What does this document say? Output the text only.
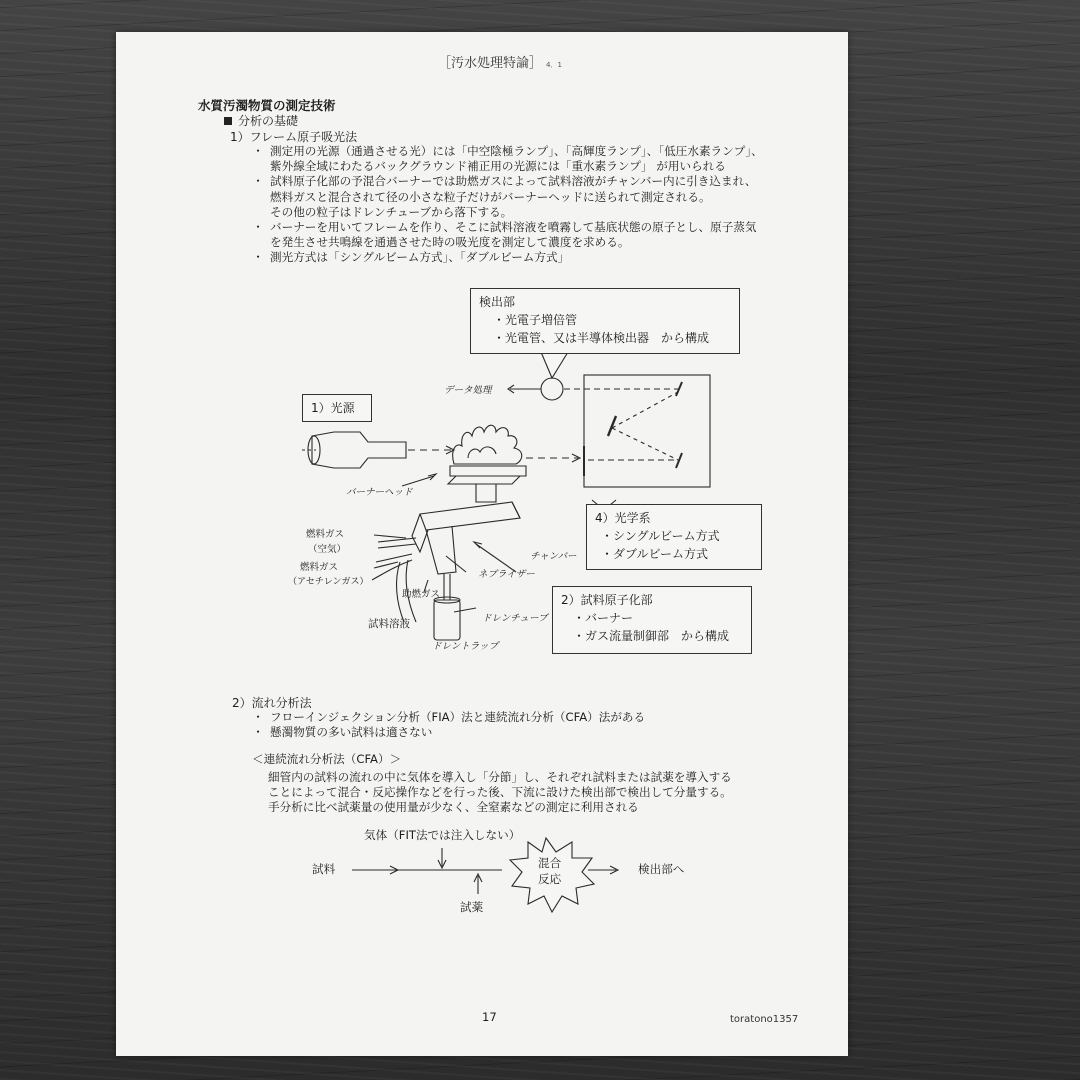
［汚水処理特論］ 4．1
水質汚濁物質の測定技術
分析の基礎
1）フレーム原子吸光法
・ 測定用の光源（通過させる光）には「中空陰極ランプ」、「高輝度ランプ」、「低圧水素ランプ」、
紫外線全域にわたるバックグラウンド補正用の光源には「重水素ランプ」 が用いられる
・ 試料原子化部の予混合バーナーでは助燃ガスによって試料溶液がチャンバー内に引き込まれ、
燃料ガスと混合されて径の小さな粒子だけがバーナーヘッドに送られて測定される。
その他の粒子はドレンチューブから落下する。
・ バーナーを用いてフレームを作り、そこに試料溶液を噴霧して基底状態の原子とし、原子蒸気
を発生させ共鳴線を通過させた時の吸光度を測定して濃度を求める。
・ 測光方式は「シングルビーム方式」、「ダブルビーム方式」
検出部
・光電子増倍管
・光電管、又は半導体検出器　から構成
1）光源
4）光学系
・シングルビーム方式
・ダブルビーム方式
2）試料原子化部
・バーナー
・ガス流量制御部　から構成
データ処理
バーナーヘッド
燃料ガス
（空気）
燃料ガス
（アセチレンガス）
チャンバー
ネブライザー
助燃ガス
ドレンチューブ
試料溶液
ドレントラップ
2）流れ分析法
・ フローインジェクション分析（FIA）法と連続流れ分析（CFA）法がある
・ 懸濁物質の多い試料は適さない
＜連続流れ分析法（CFA）＞
細管内の試料の流れの中に気体を導入し「分節」し、それぞれ試料または試薬を導入する
ことによって混合・反応操作などを行った後、下流に設けた検出部で検出して分量する。
手分析に比べ試薬量の使用量が少なく、全窒素などの測定に利用される
気体（FIT法では注入しない）
試料
試薬
混合
反応
検出部へ
17	toratono1357
